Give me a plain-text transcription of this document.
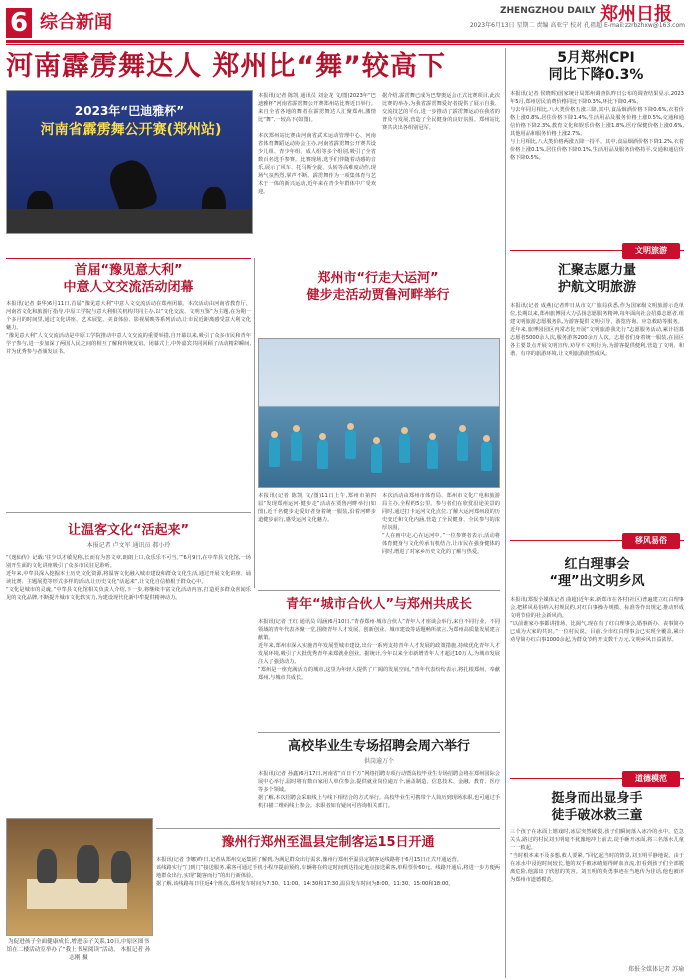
6 综合新闻
ZHENGZHOU DAILY 郑州日报
2023年6月13日 星期二 责编 高亚宁 校对 孔祖超 E-mail:zzrbzhxw@163.com
河南霹雳舞达人 郑州比“舞”较高下
2023年“巴迪雅杯”
河南省霹雳舞公开赛(郑州站)
本报讯(记者 陈凯 通讯员 刘金龙 文/图)2023年“巴迪雅杯”河南省霹雳舞公开赛郑州站比赛近日举行。来自全省各地的舞者在霹雳舞达人汇聚郑州,激情比“舞”,一较高下(如图)。
本次郑州站比赛由河南省武术运动管理中心、河南省体育舞蹈运动协会主办,河南省霹雳舞公开赛共设少儿组、青少年组、成人组等多个组别,吸引了全省数百名选手参赛。比赛现场,选手们伴随着动感的音乐,展示了风车、托马斯全旋、头转等高难度动作,现场气氛热烈,掌声不断。霹雳舞作为一项集体育与艺术于一体的新兴运动,近年来在青少年群体中广受欢迎。
据介绍,霹雳舞已成为巴黎奥运会正式比赛项目,此次比赛的举办,为我省霹雳舞爱好者提供了展示自我、交流技艺的平台,进一步推动了霹雳舞运动在我省的普及与发展,营造了全民健身的良好氛围。郑州站比赛共决出各组别冠军。
5月郑州CPI
同比下降0.3%
本报讯(记者 侯晓辉)国家统计局郑州调查队昨日公布的调查结果显示,2023年5月,郑州居民消费价格同比下降0.3%,环比下降0.4%。
与去年同月相比,八大类价格五涨三降,其中,食品烟酒价格下降0.6%,衣着价格上涨0.8%,居住价格下降1.4%,生活用品及服务价格上涨0.5%,交通和通信价格下降2.3%,教育文化和娱乐价格上涨1.8%,医疗保健价格上涨0.6%,其他用品和服务价格上涨2.7%。
与上月相比,八大类价格两涨五降一持平。其中,食品烟酒价格下降1.2%,衣着价格上涨0.1%,居住价格下降0.1%,生活用品及服务价格持平,交通和通信价格下降0.5%。
文明旅游
汇聚志愿力量
护航文明旅游
本报讯(记者 成燕)记者昨日从市文广旅局获悉,作为国家级文明旅游示范单位,长期以来,郑州旅博园大力弘扬志愿服务精神,每年面向社会招募志愿者,组建文明旅游志愿服务队,为游客提供文明引导、游览咨询、应急救助等服务。
近年来,旅博园园区内常态化开展“文明旅游我先行”志愿服务活动,累计招募志愿者5000余人次,服务游客200余万人次。志愿者们身着统一服装,在园区各主要景点开展文明宣传,劝导不文明行为,为游客提供便利,营造了文明、和谐、有序的旅游环境,让文明旅游蔚然成风。
移风易俗
红白理事会
“理”出文明乡风
本报讯(郑报全媒体记者 曲超)近年来,新郑市在各村(社区)普遍建立红白理事会,把移风易俗纳入村规民约,对红白事操办规模、标准等作出规定,推动形成文明节俭的社会新风尚。
“以前谁家办事都讲排场、比阔气,现在有了红白理事会,婚事新办、丧事简办已成为大家的共识。”一位村民说。目前,全市红白理事会已实现全覆盖,累计劝导简办红白事1000余起,为群众节约开支数千万元,文明乡风日益浓厚。
道德模范
挺身而出显身手
徒手破冰救三童
三个孩子在冰面上嬉戏时,冰层突然破裂,孩子们瞬间落入冰冷的水中。危急关头,路过的村民刘玉明毫不犹豫地冲上前去,徒手砸开冰面,将三名落水儿童一一救起。
“当时根本来不及多想,救人要紧。”回忆起当时的情景,刘玉明平静地说。由于在冰水中浸泡时间较长,他的双手被冰碴划得鲜血直流,但看到孩子们全部脱离危险,他露出了欣慰的笑容。刘玉明的英勇事迹在当地传为佳话,他也被评为郑州市道德模范。
郑报全媒体记者 苏瑜
首届“豫见意大利”
中意人文交流活动闭幕
本报讯(记者 秦华)6月11日,首届“豫见意大利”中意人文交流活动在郑州闭幕。本次活动由河南省教育厅、河南省文化和旅游厅指导,中原工学院与意大利相关机构共同主办,以“文化交流、文明互鉴”为主题,在为期一个多月的时间里,通过文化讲座、艺术展览、美食体验、影视展映等系列活动,让市民近距离感受意大利文化魅力。
“豫见意大利”人文交流活动是中原工学院推动中意人文交流的重要举措,自开幕以来,吸引了众多市民和青年学子参与,进一步加深了两国人民之间的相互了解和传统友谊。闭幕式上,中外嘉宾共同回顾了活动精彩瞬间,并为优秀参与者颁发证书。
让温客文化“活起来”
本报记者 卢文军 通讯员 郝小玲
“《逸仙传》记载:‘往少以才敏见称,长而有为善文章,朗朗上口,众乐乐不可当。’”6月9日,在中牟县文化馆,一场别开生面的文化讲座吸引了众多市民驻足聆听。
近年来,中牟县深入挖掘本土历史文化资源,将温客文化融入城市建设和群众文化生活,通过开展文化讲座、诵读比赛、主题展览等形式多样的活动,让历史文化“活起来”,让文化自信植根于群众心中。
“文化是城市的灵魂。”中牟县文化馆相关负责人介绍,下一步,将继续丰富文化活动内容,打造更多群众喜闻乐见的文化品牌,不断提升城市文化软实力,为建设现代化新中牟提供精神动力。
郑州市“行走大运河”
健步走活动贾鲁河畔举行
本报讯(记者 陈凯 文/图)11日上午,郑州市第四届“发现郑州运河·健步走”活动在贾鲁河畔举行(如图),近千名健步走爱好者身着统一服装,沿着河畔步道健步前行,感受运河文化魅力。
本次活动由郑州市体育局、郑州市文化广电和旅游局主办,全程约5公里。参与者们在欣赏沿途美景的同时,通过打卡运河文化点位,了解大运河郑州段的历史变迁和文化内涵,营造了全民健身、全民参与的浓厚氛围。
“人在画中走,心在运河中。”一位参赛者表示,活动将体育健身与文化传承有机结合,让市民在强身健体的同时,增进了对家乡历史文化的了解与热爱。
青年“城市合伙人”与郑州共成长
本报讯(记者 王红 通讯员 周涵)6月10日,“青春郑州·城市合伙人”青年人才座谈会举行,来自不同行业、不同领域的青年代表齐聚一堂,围绕青年人才发展、创新创业、城市建设等话题畅所欲言,为郑州高质量发展建言献策。
近年来,郑州市深入实施青年发展型城市建设,出台一系列支持青年人才发展的政策措施,持续优化青年人才发展环境,吸引了大批优秀青年来郑就业创业。据统计,今年以来全市新增青年人才超过10万人,为城市发展注入了强劲动力。
“郑州是一座充满活力的城市,这里为年轻人提供了广阔的发展空间。”青年代表纷纷表示,将扎根郑州、奉献郑州,与城市共成长。
高校毕业生专场招聘会周六举行
供岗逾万个
本报讯(记者 孙鑫)6月17日,河南省“百日千万”网络招聘专项行动暨高校毕业生专场招聘会将在郑州国际会展中心举行,届时将有数百家用人单位参会,提供就业岗位逾万个,涵盖制造、信息技术、金融、教育、医疗等多个领域。
据了解,本次招聘会采取线上与线下相结合的方式举行。高校毕业生可携带个人简历到现场求职,也可通过手机扫描二维码线上参会。求职者如有疑问可咨询相关部门。
豫州行郑州至温县定制客运15日开通
本报讯(记者 李娜)昨日,记者从郑州交运集团了解到,为满足群众出行需求,豫州行郑州至温县定制客运线路将于6月15日正式开通运营。
该线路实行“门到门”接送服务,乘客可通过手机小程序提前预约,车辆将在约定时间到达指定地点接送乘客,单程票价60元。线路开通后,将进一步方便两地群众出行,实现“随客而行”的出行新体验。
据了解,该线路每日往返4个班次,郑州发车时间为7:30、11:00、14:30和17:30,温县发车时间为8:00、11:30、15:00和18:00。
为促进孩子全面健康成长,增进亲子关系,10日,中原区图书馆在二楼活动室举办了“我上书屋阅读”活动。 本报记者 孙志刚 摄
